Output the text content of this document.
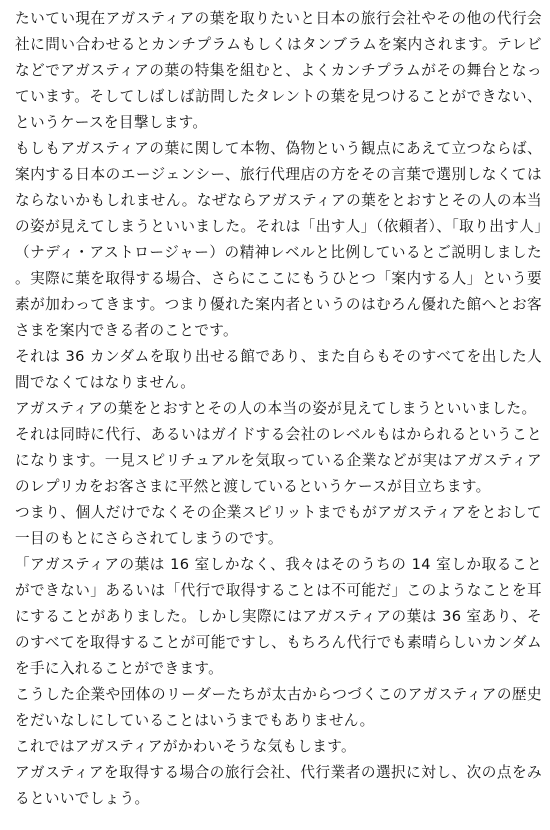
たいてい現在アガスティアの葉を取りたいと日本の旅行会社やその他の代行会社に問い合わせるとカンチプラムもしくはタンブラムを案内されます。テレビなどでアガスティアの葉の特集を組むと、よくカンチプラムがその舞台となっています。そしてしばしば訪問したタレントの葉を見つけることができない、というケースを目撃します。

もしもアガスティアの葉に関して本物、偽物という観点にあえて立つならば、案内する日本のエージェンシー、旅行代理店の方をその言葉で選別しなくてはならないかもしれません。なぜならアガスティアの葉をとおすとその人の本当の姿が見えてしまうといいました。それは「出す人」（依頼者）、「取り出す人」（ナディ・アストロージャー）の精神レベルと比例しているとご説明しました。実際に葉を取得する場合、さらにここにもうひとつ「案内する人」という要素が加わってきます。つまり優れた案内者というのはむろん優れた館へとお客さまを案内できる者のことです。

それは 36 カンダムを取り出せる館であり、また自らもそのすべてを出した人間でなくてはなりません。

アガスティアの葉をとおすとその人の本当の姿が見えてしまうといいました。

それは同時に代行、あるいはガイドする会社のレベルもはかられるということになります。一見スピリチュアルを気取っている企業などが実はアガスティアのレプリカをお客さまに平然と渡しているというケースが目立ちます。

つまり、個人だけでなくその企業スピリットまでもがアガスティアをとおして一目のもとにさらされてしまうのです。

「アガスティアの葉は 16 室しかなく、我々はそのうちの 14 室しか取ることができない」あるいは「代行で取得することは不可能だ」このようなことを耳にすることがありました。しかし実際にはアガスティアの葉は 36 室あり、そのすべてを取得することが可能ですし、もちろん代行でも素晴らしいカンダムを手に入れることができます。

こうした企業や団体のリーダーたちが太古からつづくこのアガスティアの歴史をだいなしにしていることはいうまでもありません。

これではアガスティアがかわいそうな気もします。

アガスティアを取得する場合の旅行会社、代行業者の選択に対し、次の点をみるといいでしょう。
